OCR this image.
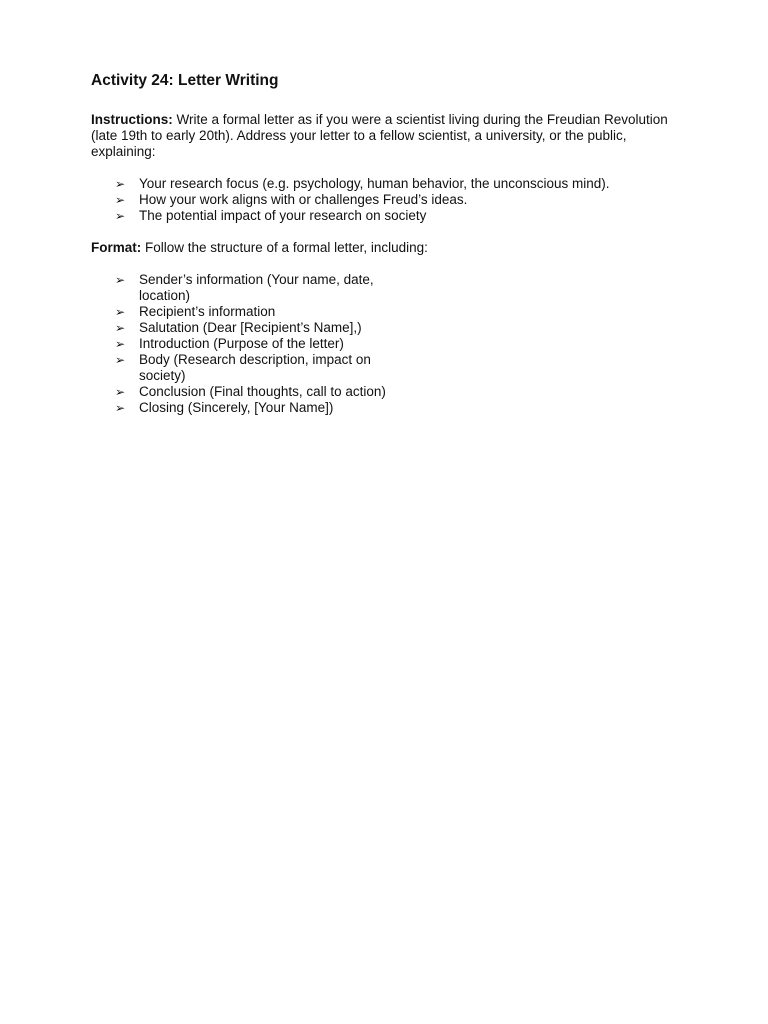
Activity 24: Letter Writing

Instructions: Write a formal letter as if you were a scientist living during the Freudian Revolution (late 19th to early 20th). Address your letter to a fellow scientist, a university, or the public, explaining:

➢ Your research focus (e.g. psychology, human behavior, the unconscious mind).
➢ How your work aligns with or challenges Freud’s ideas.
➢ The potential impact of your research on society

Format: Follow the structure of a formal letter, including:

➢ Sender’s information (Your name, date, location)
➢ Recipient’s information
➢ Salutation (Dear [Recipient’s Name],)
➢ Introduction (Purpose of the letter)
➢ Body (Research description, impact on society)
➢ Conclusion (Final thoughts, call to action)
➢ Closing (Sincerely, [Your Name])
